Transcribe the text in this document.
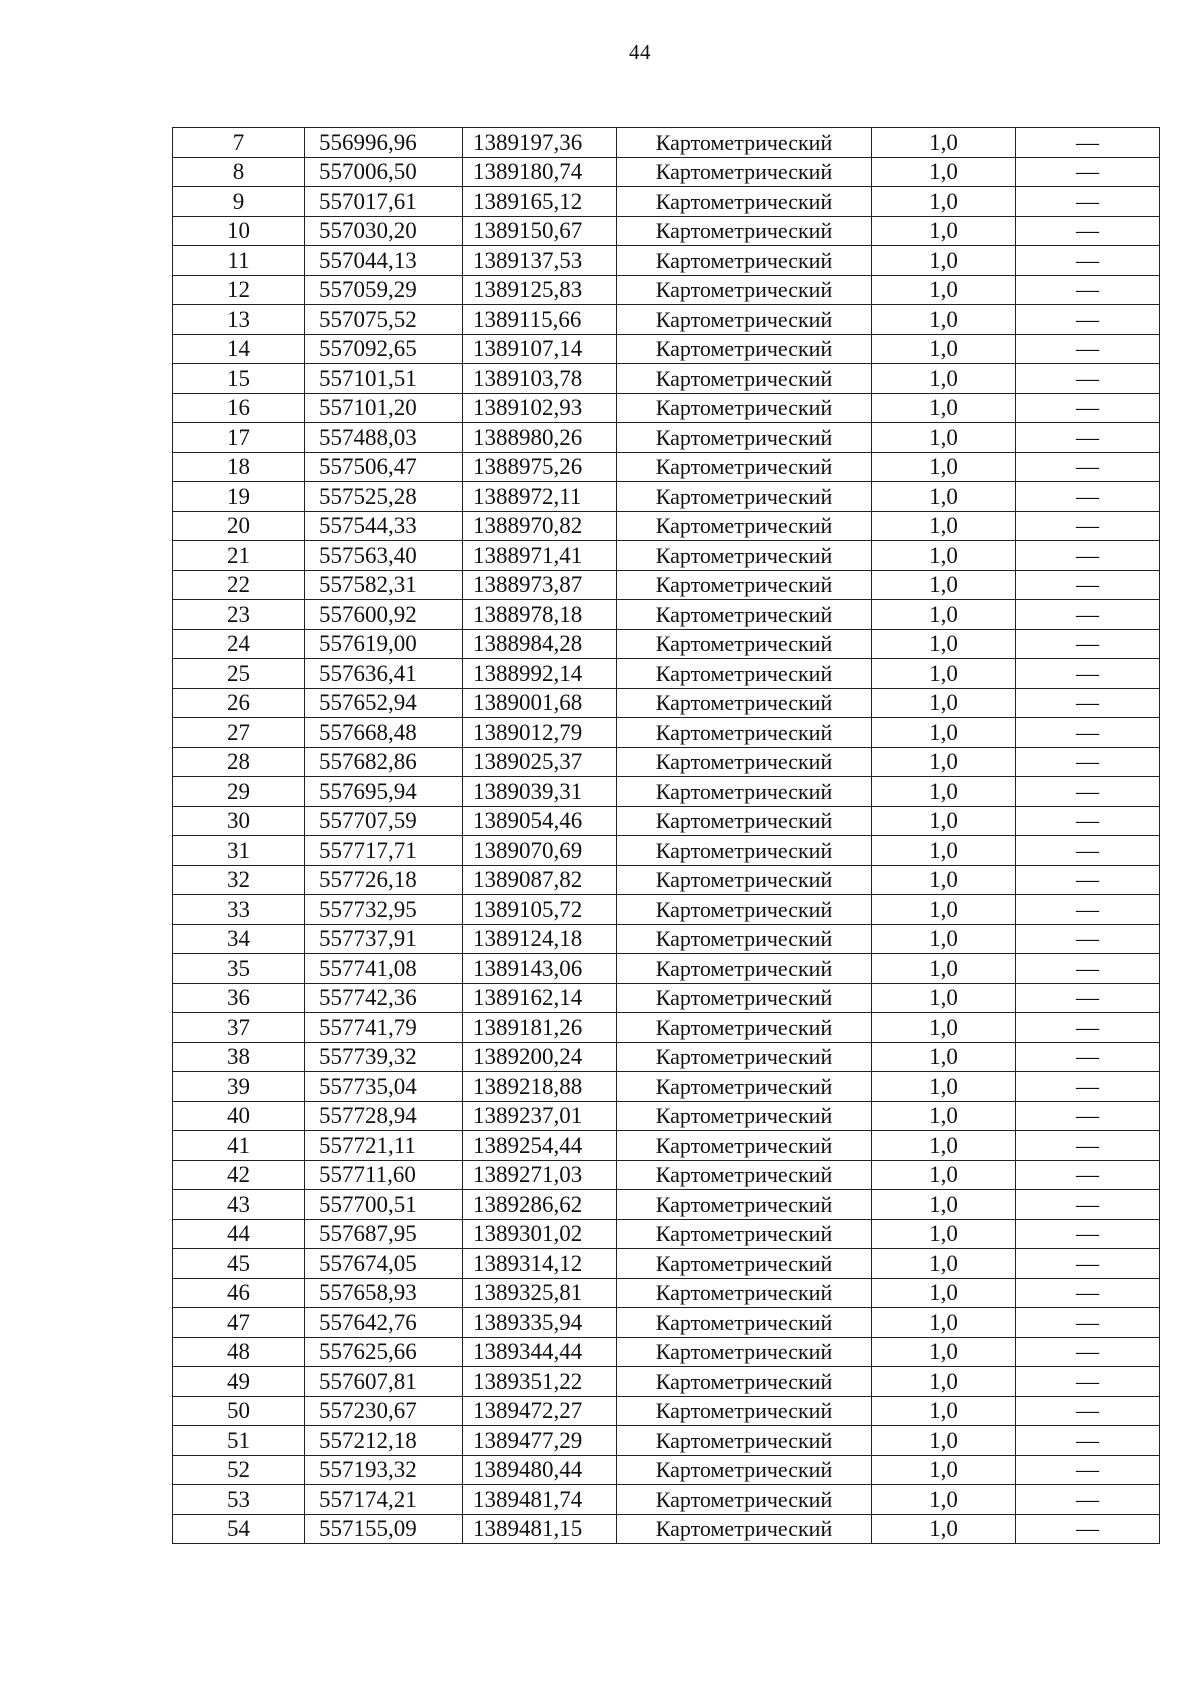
44
7	556996,96	1389197,36	Картометрический	1,0	—
8	557006,50	1389180,74	Картометрический	1,0	—
9	557017,61	1389165,12	Картометрический	1,0	—
10	557030,20	1389150,67	Картометрический	1,0	—
11	557044,13	1389137,53	Картометрический	1,0	—
12	557059,29	1389125,83	Картометрический	1,0	—
13	557075,52	1389115,66	Картометрический	1,0	—
14	557092,65	1389107,14	Картометрический	1,0	—
15	557101,51	1389103,78	Картометрический	1,0	—
16	557101,20	1389102,93	Картометрический	1,0	—
17	557488,03	1388980,26	Картометрический	1,0	—
18	557506,47	1388975,26	Картометрический	1,0	—
19	557525,28	1388972,11	Картометрический	1,0	—
20	557544,33	1388970,82	Картометрический	1,0	—
21	557563,40	1388971,41	Картометрический	1,0	—
22	557582,31	1388973,87	Картометрический	1,0	—
23	557600,92	1388978,18	Картометрический	1,0	—
24	557619,00	1388984,28	Картометрический	1,0	—
25	557636,41	1388992,14	Картометрический	1,0	—
26	557652,94	1389001,68	Картометрический	1,0	—
27	557668,48	1389012,79	Картометрический	1,0	—
28	557682,86	1389025,37	Картометрический	1,0	—
29	557695,94	1389039,31	Картометрический	1,0	—
30	557707,59	1389054,46	Картометрический	1,0	—
31	557717,71	1389070,69	Картометрический	1,0	—
32	557726,18	1389087,82	Картометрический	1,0	—
33	557732,95	1389105,72	Картометрический	1,0	—
34	557737,91	1389124,18	Картометрический	1,0	—
35	557741,08	1389143,06	Картометрический	1,0	—
36	557742,36	1389162,14	Картометрический	1,0	—
37	557741,79	1389181,26	Картометрический	1,0	—
38	557739,32	1389200,24	Картометрический	1,0	—
39	557735,04	1389218,88	Картометрический	1,0	—
40	557728,94	1389237,01	Картометрический	1,0	—
41	557721,11	1389254,44	Картометрический	1,0	—
42	557711,60	1389271,03	Картометрический	1,0	—
43	557700,51	1389286,62	Картометрический	1,0	—
44	557687,95	1389301,02	Картометрический	1,0	—
45	557674,05	1389314,12	Картометрический	1,0	—
46	557658,93	1389325,81	Картометрический	1,0	—
47	557642,76	1389335,94	Картометрический	1,0	—
48	557625,66	1389344,44	Картометрический	1,0	—
49	557607,81	1389351,22	Картометрический	1,0	—
50	557230,67	1389472,27	Картометрический	1,0	—
51	557212,18	1389477,29	Картометрический	1,0	—
52	557193,32	1389480,44	Картометрический	1,0	—
53	557174,21	1389481,74	Картометрический	1,0	—
54	557155,09	1389481,15	Картометрический	1,0	—
